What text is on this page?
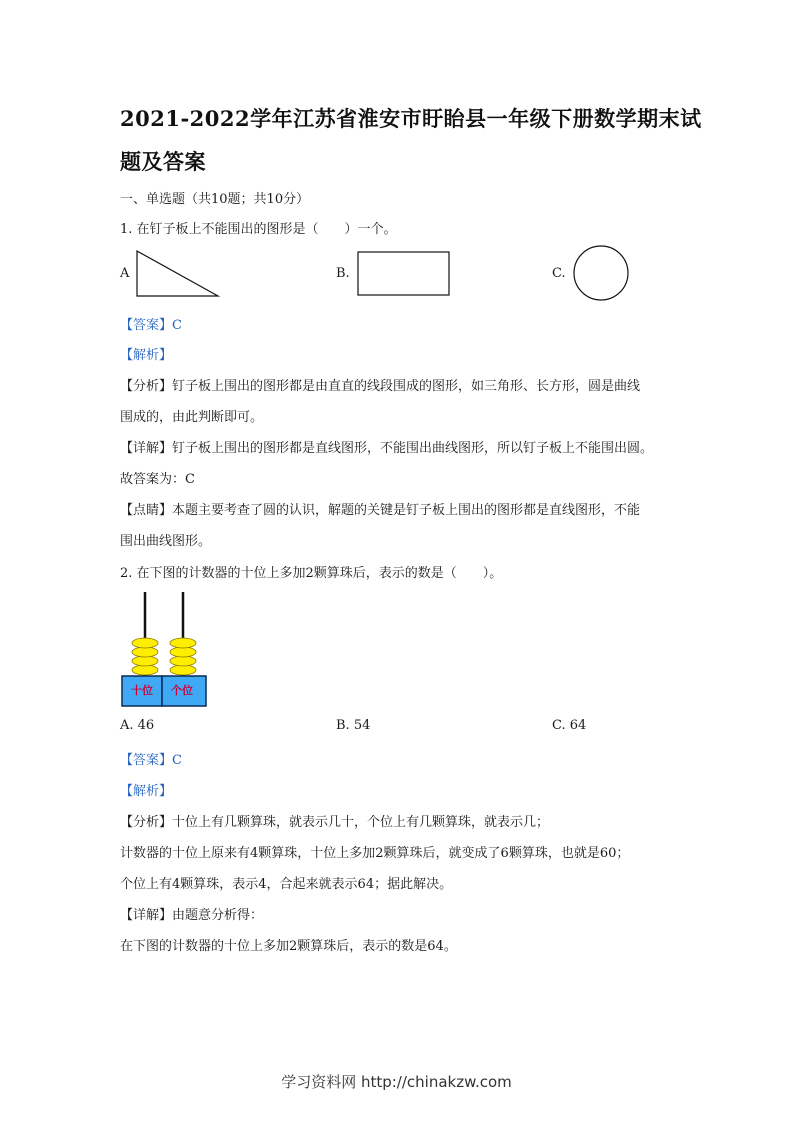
2021-2022学年江苏省淮安市盱眙县一年级下册数学期末试
题及答案
一、单选题（共10题；共10分）
1. 在钉子板上不能围出的图形是（　　）一个。
A	B.	C.
【答案】C
【解析】
【分析】钉子板上围出的图形都是由直直的线段围成的图形，如三角形、长方形，圆是曲线
围成的，由此判断即可。
【详解】钉子板上围出的图形都是直线图形，不能围出曲线图形，所以钉子板上不能围出圆。
故答案为：C
【点睛】本题主要考查了圆的认识，解题的关键是钉子板上围出的图形都是直线图形，不能
围出曲线图形。
2. 在下图的计数器的十位上多加2颗算珠后，表示的数是（　　）。
十位 个位
A. 46	B. 54	C. 64
【答案】C
【解析】
【分析】十位上有几颗算珠，就表示几十，个位上有几颗算珠，就表示几；
计数器的十位上原来有4颗算珠，十位上多加2颗算珠后，就变成了6颗算珠，也就是60；
个位上有4颗算珠，表示4，合起来就表示64；据此解决。
【详解】由题意分析得：
在下图的计数器的十位上多加2颗算珠后，表示的数是64。
学习资料网 http://chinakzw.com
